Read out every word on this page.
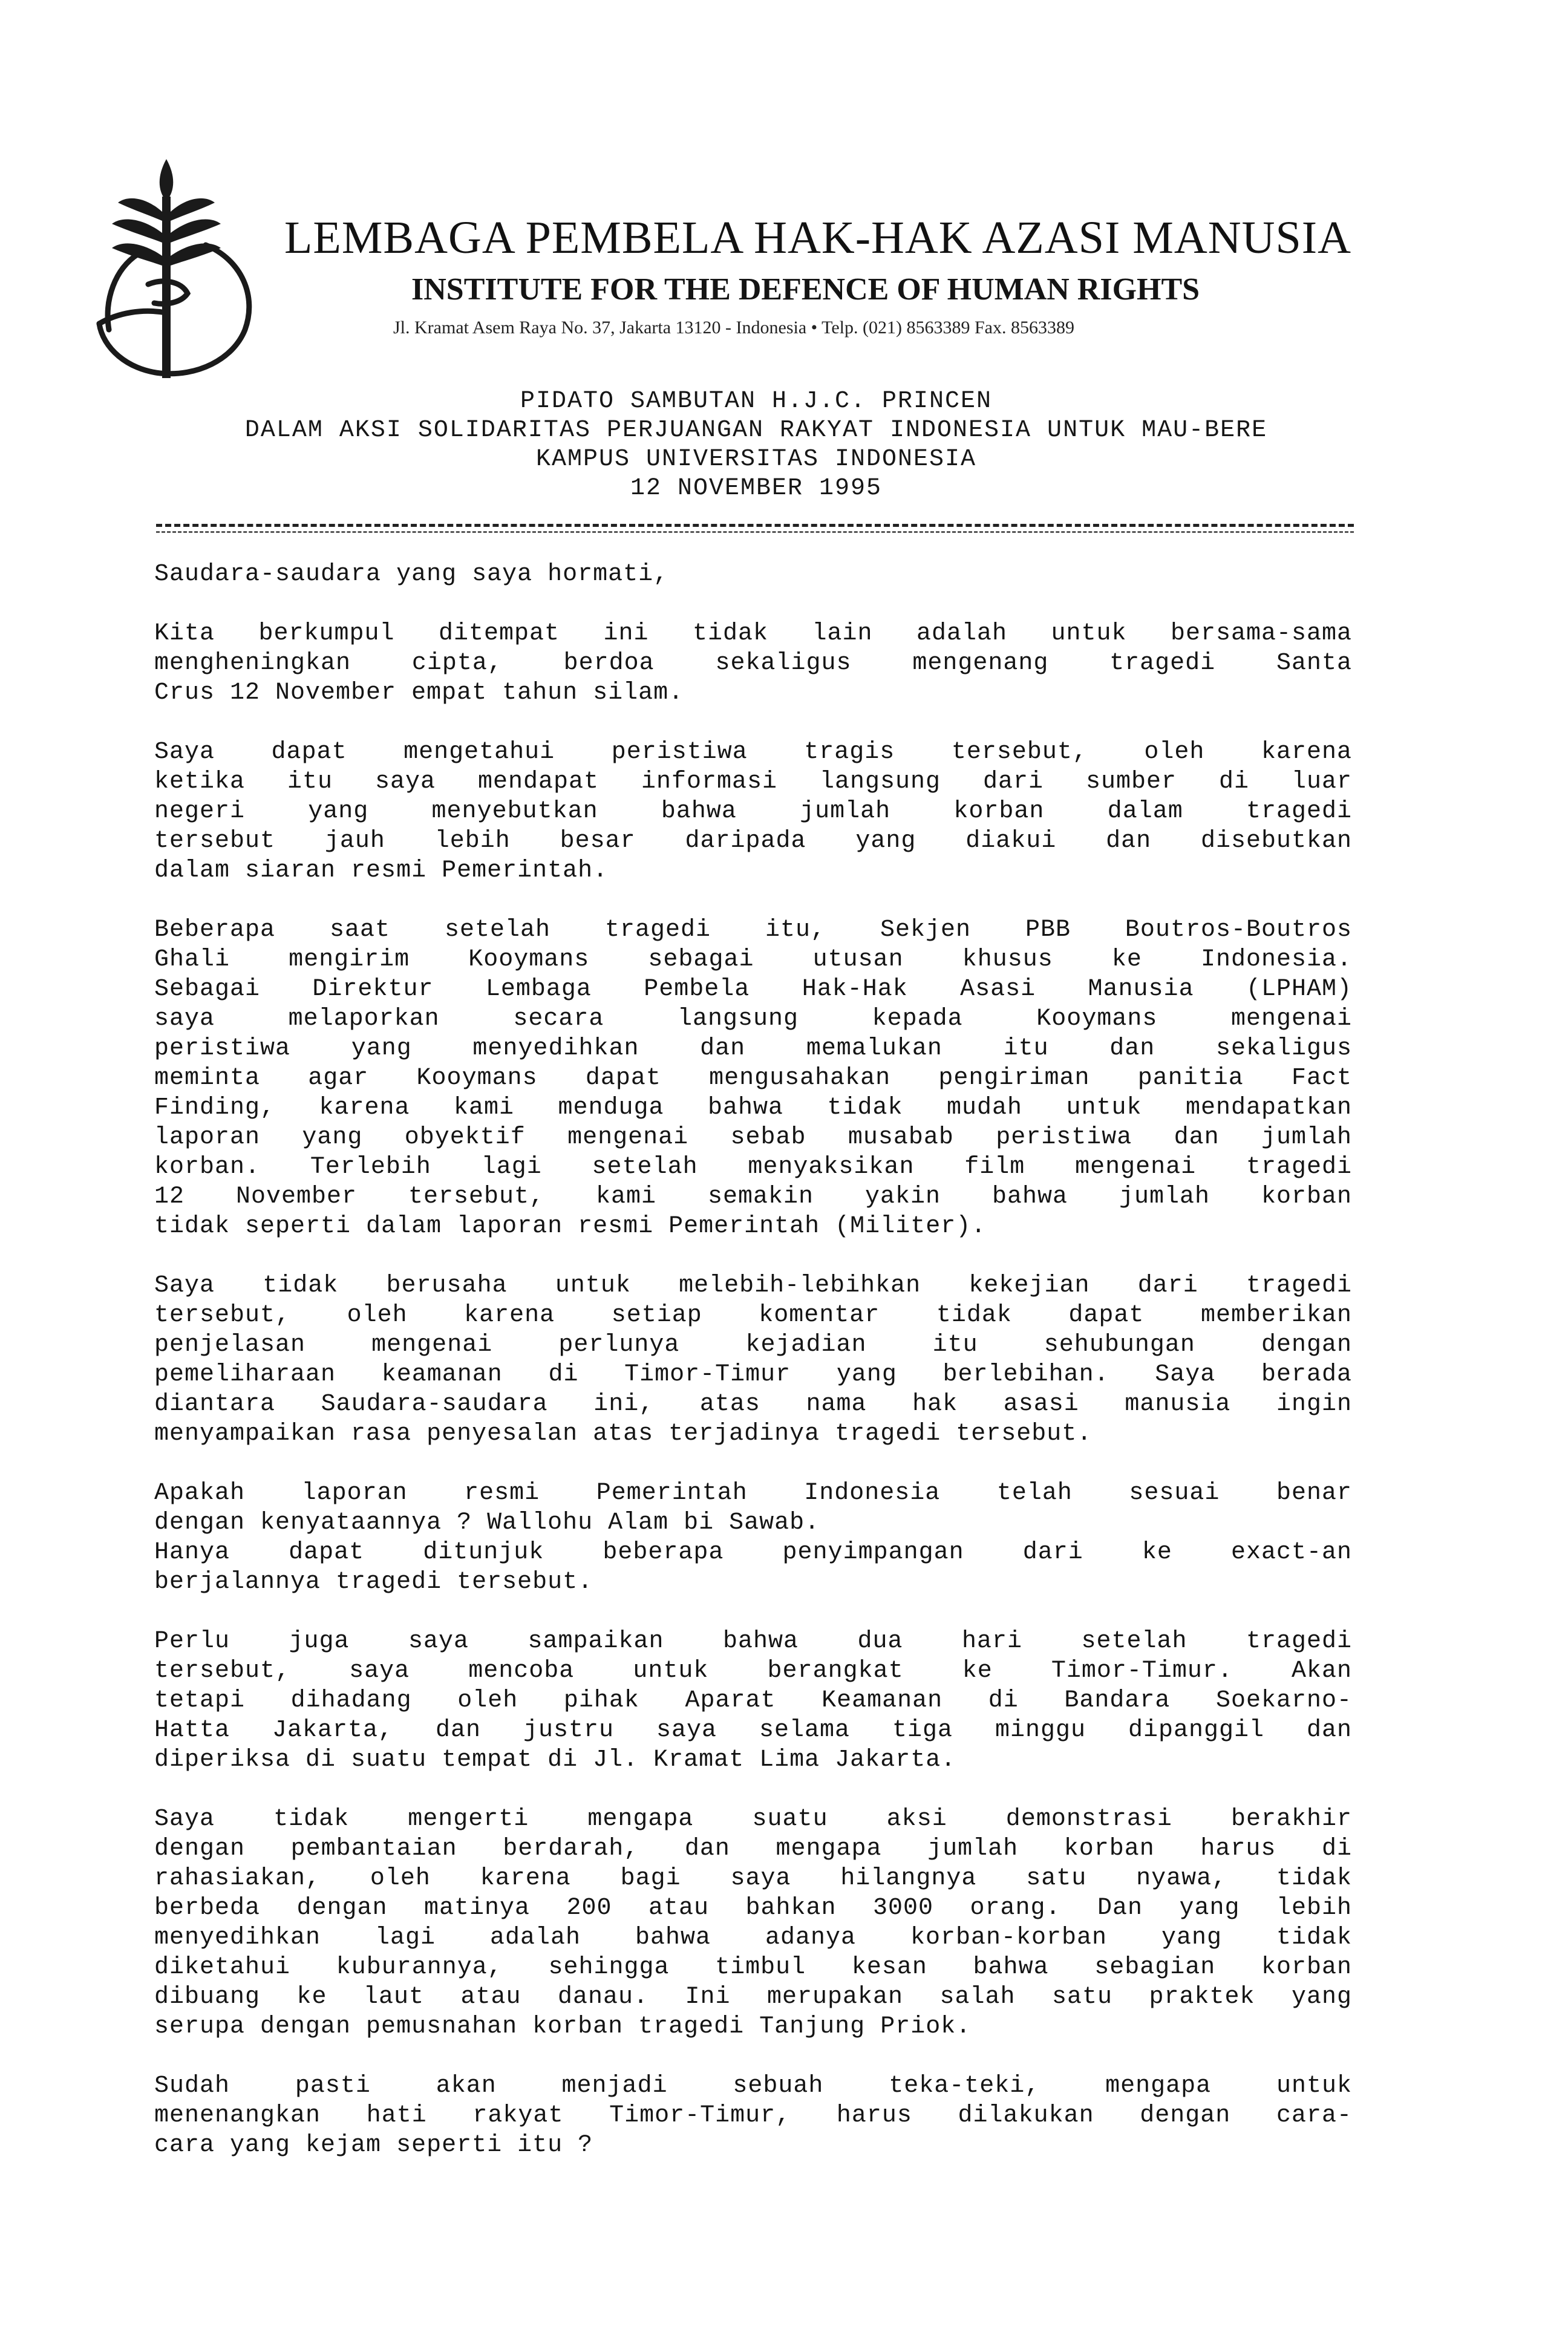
LEMBAGA PEMBELA HAK-HAK AZASI MANUSIA
INSTITUTE FOR THE DEFENCE OF HUMAN RIGHTS
Jl. Kramat Asem Raya No. 37, Jakarta 13120 - Indonesia • Telp. (021) 8563389 Fax. 8563389
PIDATO SAMBUTAN H.J.C. PRINCEN
DALAM AKSI SOLIDARITAS PERJUANGAN RAKYAT INDONESIA UNTUK MAU-BERE
KAMPUS UNIVERSITAS INDONESIA
12 NOVEMBER 1995
Saudara-saudara yang saya hormati,
Kita berkumpul ditempat ini tidak lain adalah untuk bersama-sama
mengheningkan cipta, berdoa sekaligus mengenang tragedi Santa
Crus 12 November empat tahun silam.
Saya dapat mengetahui peristiwa tragis tersebut, oleh karena
ketika itu saya mendapat informasi langsung dari sumber di luar
negeri yang menyebutkan bahwa jumlah korban dalam tragedi
tersebut jauh lebih besar daripada yang diakui dan disebutkan
dalam siaran resmi Pemerintah.
Beberapa saat setelah tragedi itu, Sekjen PBB Boutros-Boutros
Ghali mengirim Kooymans sebagai utusan khusus ke Indonesia.
Sebagai Direktur Lembaga Pembela Hak-Hak Asasi Manusia (LPHAM)
saya melaporkan secara langsung kepada Kooymans mengenai
peristiwa yang menyedihkan dan memalukan itu dan sekaligus
meminta agar Kooymans dapat mengusahakan pengiriman panitia Fact
Finding, karena kami menduga bahwa tidak mudah untuk mendapatkan
laporan yang obyektif mengenai sebab musabab peristiwa dan jumlah
korban. Terlebih lagi setelah menyaksikan film mengenai tragedi
12 November tersebut, kami semakin yakin bahwa jumlah korban
tidak seperti dalam laporan resmi Pemerintah (Militer).
Saya tidak berusaha untuk melebih-lebihkan kekejian dari tragedi
tersebut, oleh karena setiap komentar tidak dapat memberikan
penjelasan mengenai perlunya kejadian itu sehubungan dengan
pemeliharaan keamanan di Timor-Timur yang berlebihan. Saya berada
diantara Saudara-saudara ini, atas nama hak asasi manusia ingin
menyampaikan rasa penyesalan atas terjadinya tragedi tersebut.
Apakah laporan resmi Pemerintah Indonesia telah sesuai benar
dengan kenyataannya ? Wallohu Alam bi Sawab.
Hanya dapat ditunjuk beberapa penyimpangan dari ke exact-an
berjalannya tragedi tersebut.
Perlu juga saya sampaikan bahwa dua hari setelah tragedi
tersebut, saya mencoba untuk berangkat ke Timor-Timur. Akan
tetapi dihadang oleh pihak Aparat Keamanan di Bandara Soekarno-
Hatta Jakarta, dan justru saya selama tiga minggu dipanggil dan
diperiksa di suatu tempat di Jl. Kramat Lima Jakarta.
Saya tidak mengerti mengapa suatu aksi demonstrasi berakhir
dengan pembantaian berdarah, dan mengapa jumlah korban harus di
rahasiakan, oleh karena bagi saya hilangnya satu nyawa, tidak
berbeda dengan matinya 200 atau bahkan 3000 orang. Dan yang lebih
menyedihkan lagi adalah bahwa adanya korban-korban yang tidak
diketahui kuburannya, sehingga timbul kesan bahwa sebagian korban
dibuang ke laut atau danau. Ini merupakan salah satu praktek yang
serupa dengan pemusnahan korban tragedi Tanjung Priok.
Sudah pasti akan menjadi sebuah teka-teki, mengapa untuk
menenangkan hati rakyat Timor-Timur, harus dilakukan dengan cara-
cara yang kejam seperti itu ?
